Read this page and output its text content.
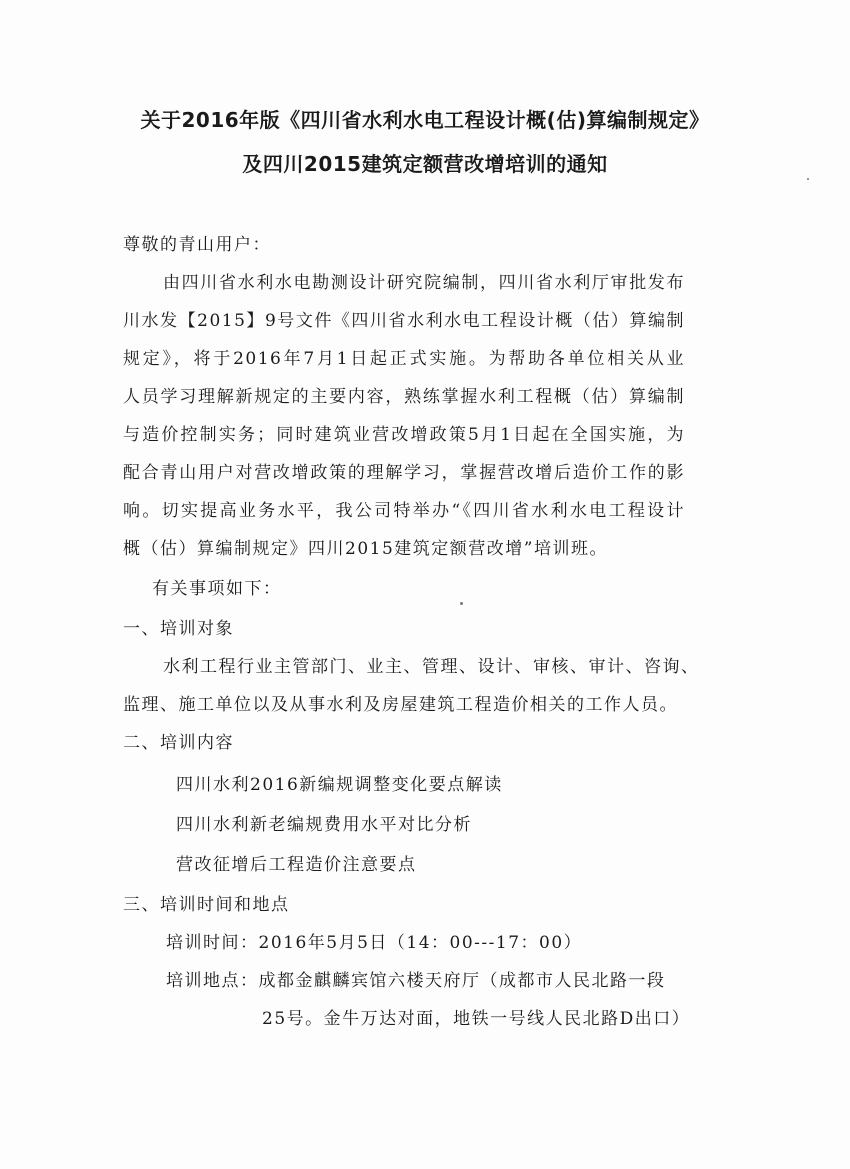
关于2016年版《四川省水利水电工程设计概(估)算编制规定》
及四川2015建筑定额营改增培训的通知
尊敬的青山用户：
由四川省水利水电勘测设计研究院编制，四川省水利厅审批发布
川水发【2015】9号文件《四川省水利水电工程设计概（估）算编制
规定》，将于2016年7月1日起正式实施。为帮助各单位相关从业
人员学习理解新规定的主要内容，熟练掌握水利工程概（估）算编制
与造价控制实务；同时建筑业营改增政策5月1日起在全国实施，为
配合青山用户对营改增政策的理解学习，掌握营改增后造价工作的影
响。切实提高业务水平，我公司特举办“《四川省水利水电工程设计
概（估）算编制规定》四川2015建筑定额营改增”培训班。
有关事项如下：
一、培训对象
水利工程行业主管部门、业主、管理、设计、审核、审计、咨询、
监理、施工单位以及从事水利及房屋建筑工程造价相关的工作人员。
二、培训内容
四川水利2016新编规调整变化要点解读
四川水利新老编规费用水平对比分析
营改征增后工程造价注意要点
三、培训时间和地点
培训时间：2016年5月5日（14：00---17：00）
培训地点：成都金麒麟宾馆六楼天府厅（成都市人民北路一段
25号。金牛万达对面，地铁一号线人民北路D出口）
